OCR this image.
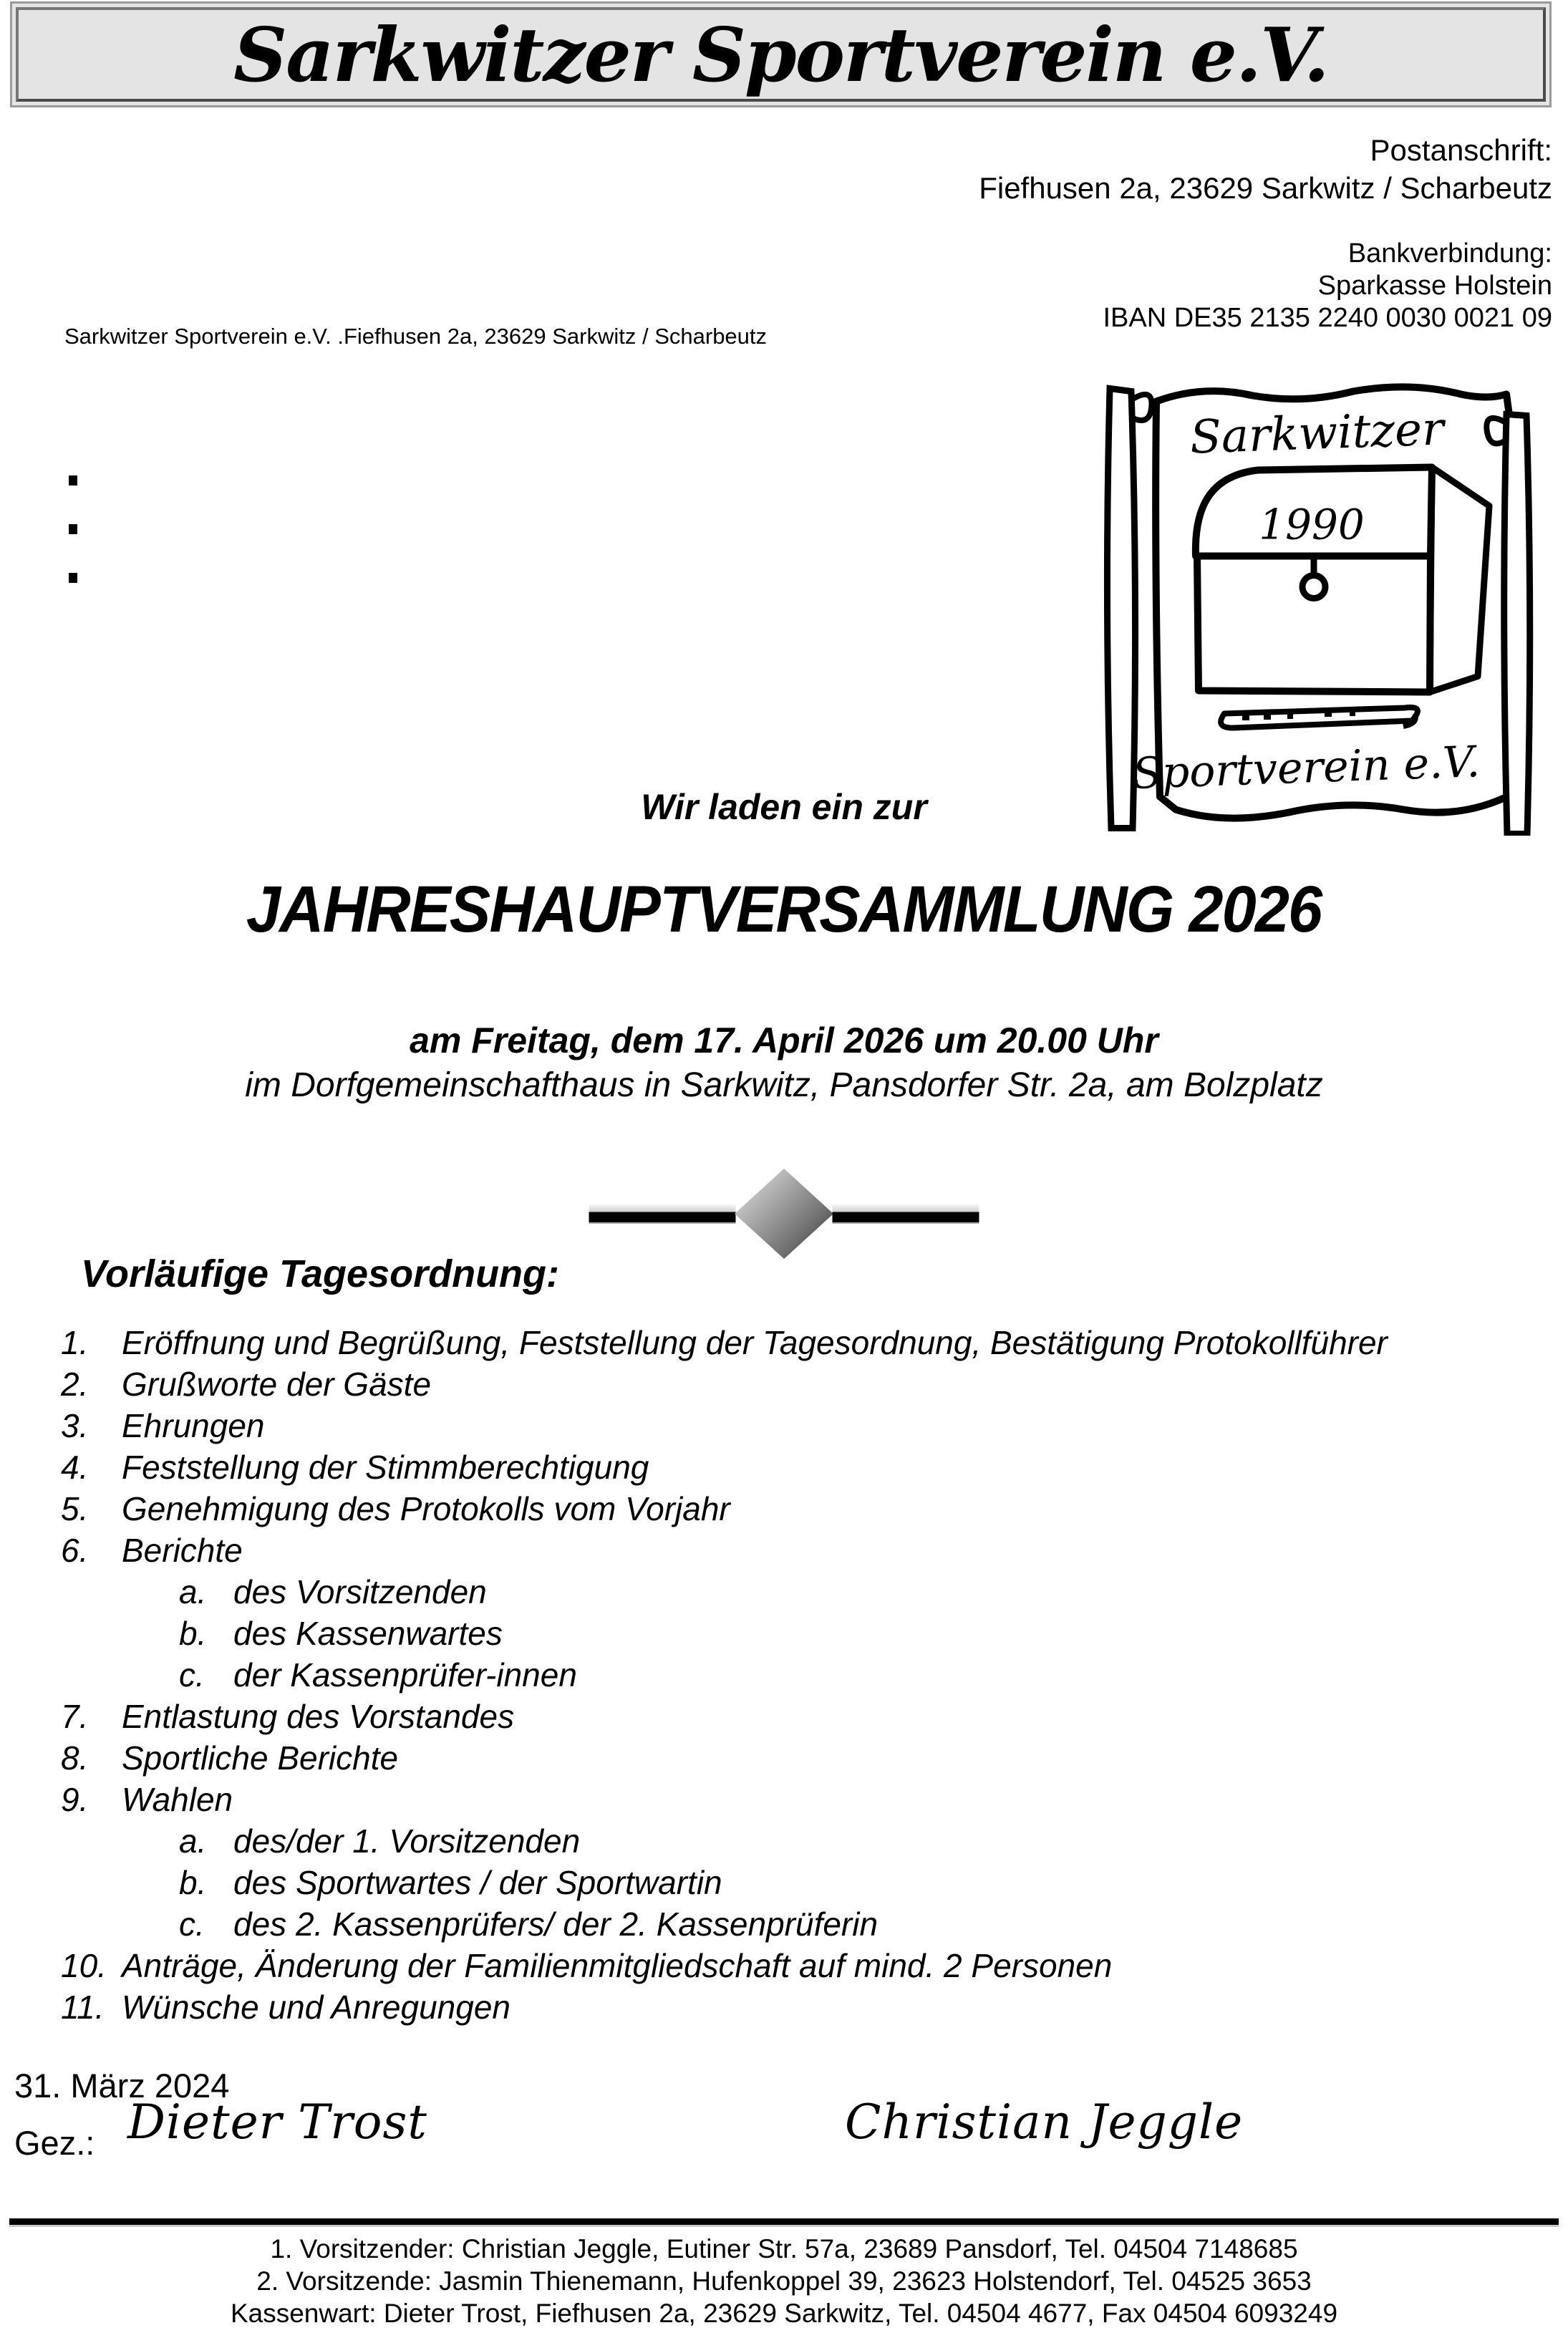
Sarkwitzer Sportverein e.V.
Postanschrift:
Fiefhusen 2a, 23629 Sarkwitz / Scharbeutz
Bankverbindung:
Sparkasse Holstein
IBAN DE35 2135 2240 0030 0021 09
Sarkwitzer Sportverein e.V. .Fiefhusen 2a, 23629 Sarkwitz / Scharbeutz
Sarkwitzer
1990
Sportverein e.V.
Wir laden ein zur
JAHRESHAUPTVERSAMMLUNG 2026
am Freitag, dem 17. April 2026 um 20.00 Uhr
im Dorfgemeinschafthaus in Sarkwitz, Pansdorfer Str. 2a, am Bolzplatz
Vorläufige Tagesordnung:
1. Eröffnung und Begrüßung, Feststellung der Tagesordnung, Bestätigung Protokollführer
2. Grußworte der Gäste
3. Ehrungen
4. Feststellung der Stimmberechtigung
5. Genehmigung des Protokolls vom Vorjahr
6. Berichte
a. des Vorsitzenden
b. des Kassenwartes
c. der Kassenprüfer-innen
7. Entlastung des Vorstandes
8. Sportliche Berichte
9. Wahlen
a. des/der 1. Vorsitzenden
b. des Sportwartes / der Sportwartin
c. des 2. Kassenprüfers/ der 2. Kassenprüferin
10. Anträge, Änderung der Familienmitgliedschaft auf mind. 2 Personen
11. Wünsche und Anregungen
31. März 2024
Gez.: Dieter Trost	Christian Jeggle
1. Vorsitzender: Christian Jeggle, Eutiner Str. 57a, 23689 Pansdorf, Tel. 04504 7148685
2. Vorsitzende: Jasmin Thienemann, Hufenkoppel 39, 23623 Holstendorf, Tel. 04525 3653
Kassenwart: Dieter Trost, Fiefhusen 2a, 23629 Sarkwitz, Tel. 04504 4677, Fax 04504 6093249
